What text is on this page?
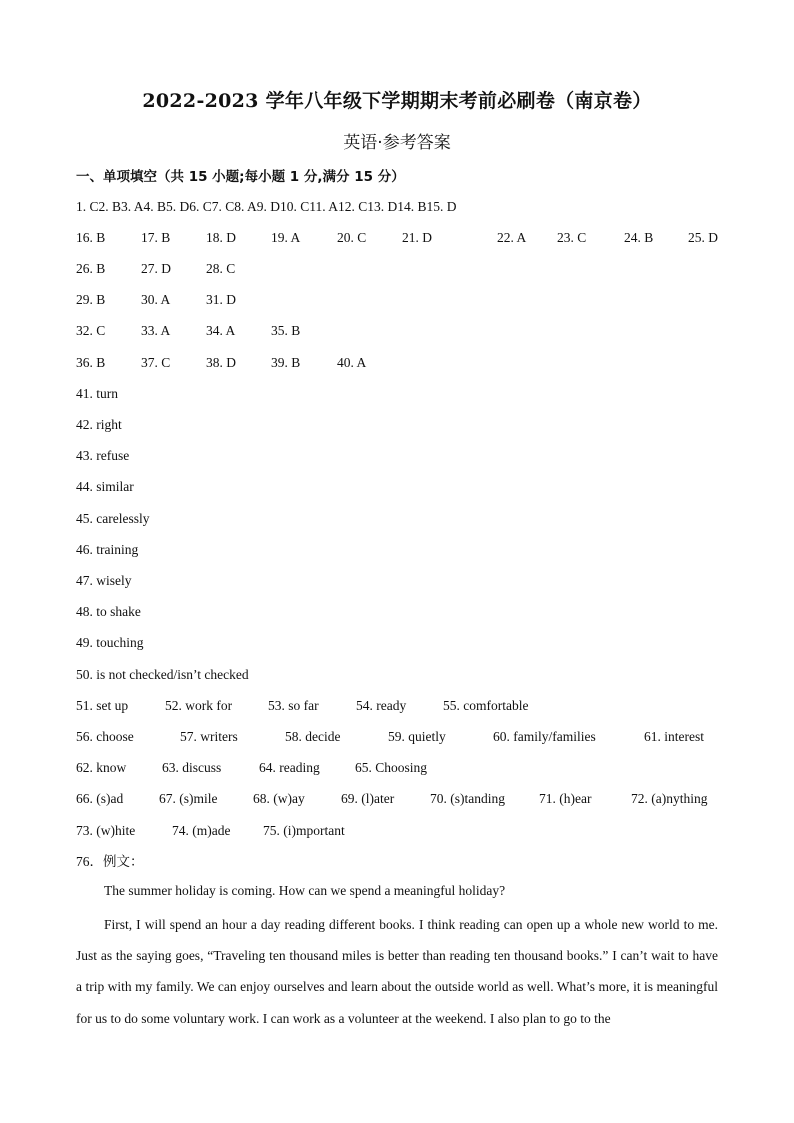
2022-2023 学年八年级下学期期末考前必刷卷（南京卷）
英语·参考答案
一、单项填空（共 15 小题;每小题 1 分,满分 15 分）
1. C2. B3. A4. B5. D6. C7. C8. A9. D10. C11. A12. C13. D14. B15. D
16. B	17. B	18. D	19. A	20. C	21. D	22. A 23. C	24. B	25. D
26. B	27. D	28. C
29. B	30. A	31. D
32. C	33. A	34. A	35. B
36. B	37. C	38. D	39. B	40. A
41. turn
42. right
43. refuse
44. similar
45. carelessly
46. training
47. wisely
48. to shake
49. touching
50. is not checked/isn’t checked
51. set up	52. work for	53. so far	54. ready	55. comfortable
56. choose	57. writers	58. decide	59. quietly	60. family/families	61. interest
62. know	63. discuss	64. reading	65. Choosing
66. (s)ad	67. (s)mile	68. (w)ay	69. (l)ater	70. (s)tanding	71. (h)ear	72. (a)nything
73. (w)hite	74. (m)ade 75. (i)mportant
76．例文：
The summer holiday is coming. How can we spend a meaningful holiday?
First, I will spend an hour a day reading different books. I think reading can open up a whole new world to me. Just as the saying goes, “Traveling ten thousand miles is better than reading ten thousand books.” I can’t wait to have a trip with my family. We can enjoy ourselves and learn about the outside world as well. What’s more, it is meaningful for us to do some voluntary work. I can work as a volunteer at the weekend. I also plan to go to the
